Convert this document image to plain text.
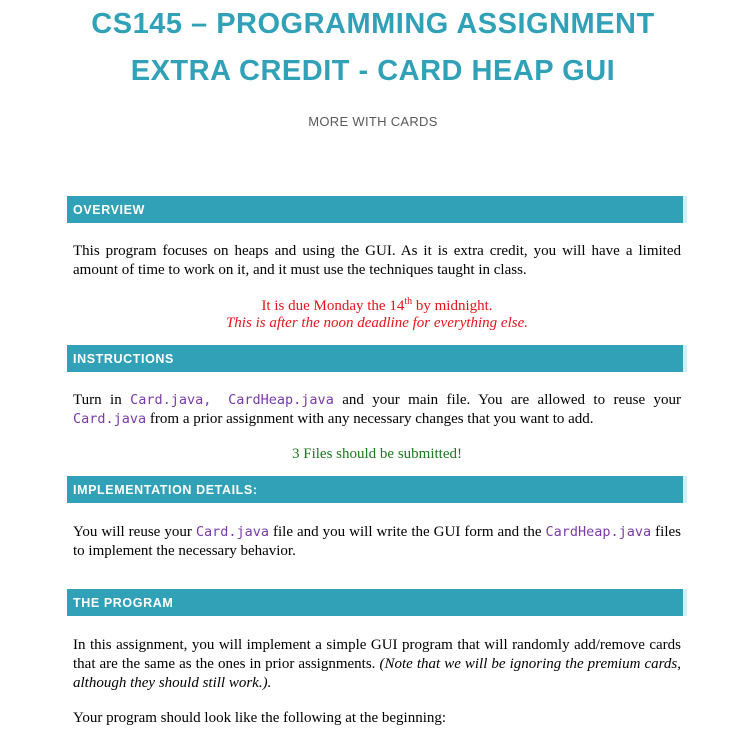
CS145 – PROGRAMMING ASSIGNMENT
EXTRA CREDIT - CARD HEAP GUI
MORE WITH CARDS
OVERVIEW

This program focuses on heaps and using the GUI. As it is extra credit, you will have a limited amount of time to work on it, and it must use the techniques taught in class.

It is due Monday the 14th by midnight.

This is after the noon deadline for everything else.

INSTRUCTIONS

Turn in Card.java, CardHeap.java and your main file. You are allowed to reuse your Card.java from a prior assignment with any necessary changes that you want to add.

3 Files should be submitted!

IMPLEMENTATION DETAILS:

You will reuse your Card.java file and you will write the GUI form and the CardHeap.java files to implement the necessary behavior.

THE PROGRAM

In this assignment, you will implement a simple GUI program that will randomly add/remove cards that are the same as the ones in prior assignments. (Note that we will be ignoring the premium cards, although they should still work.).

Your program should look like the following at the beginning:
